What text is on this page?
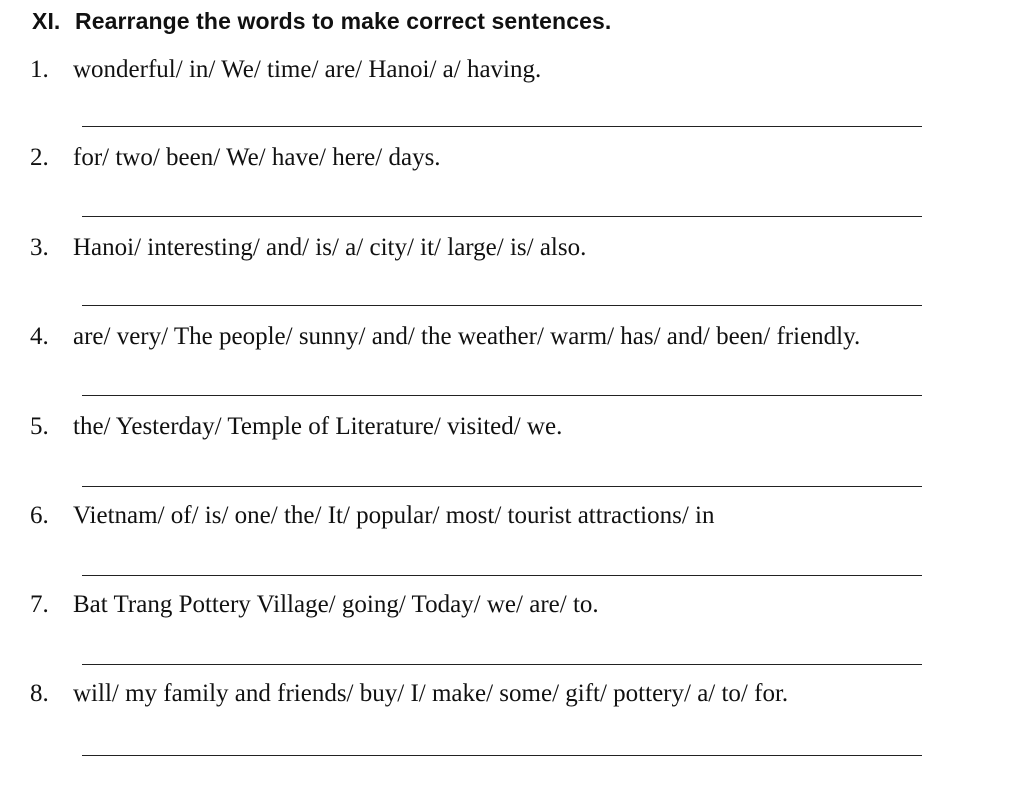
XI. Rearrange the words to make correct sentences.
1. wonderful/ in/ We/ time/ are/ Hanoi/ a/ having.
2. for/ two/ been/ We/ have/ here/ days.
3. Hanoi/ interesting/ and/ is/ a/ city/ it/ large/ is/ also.
4. are/ very/ The people/ sunny/ and/ the weather/ warm/ has/ and/ been/ friendly.
5. the/ Yesterday/ Temple of Literature/ visited/ we.
6. Vietnam/ of/ is/ one/ the/ It/ popular/ most/ tourist attractions/ in
7. Bat Trang Pottery Village/ going/ Today/ we/ are/ to.
8. will/ my family and friends/ buy/ I/ make/ some/ gift/ pottery/ a/ to/ for.
